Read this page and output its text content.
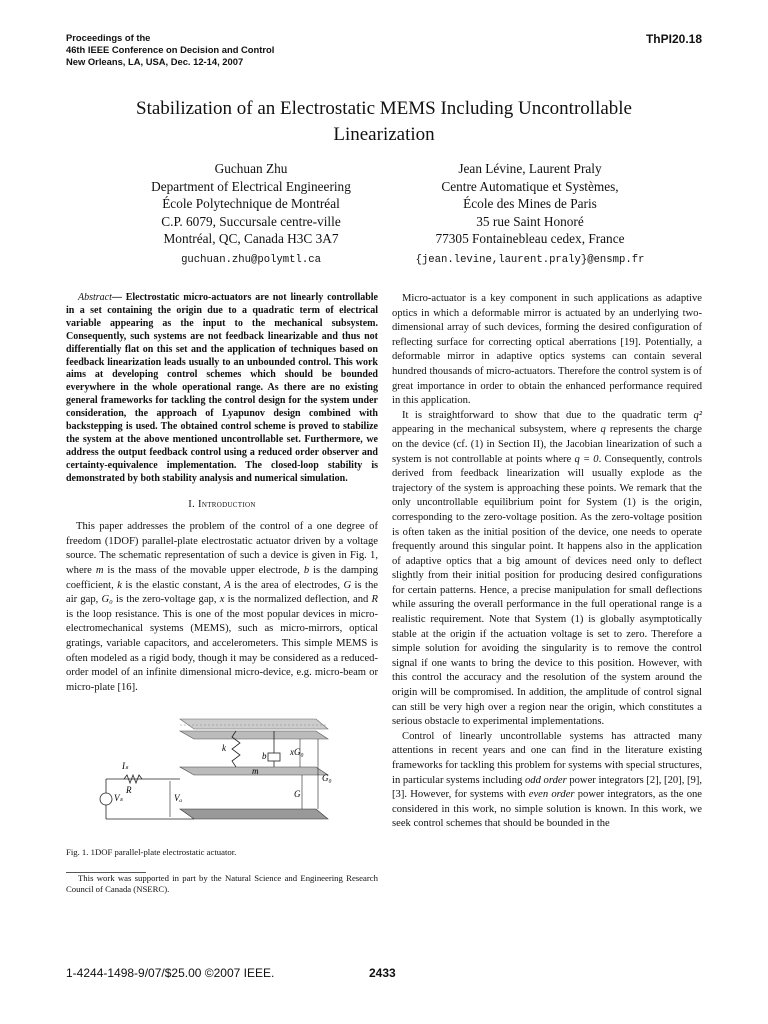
Proceedings of the
46th IEEE Conference on Decision and Control
New Orleans, LA, USA, Dec. 12-14, 2007
ThPI20.18
Stabilization of an Electrostatic MEMS Including Uncontrollable Linearization
Guchuan Zhu
Department of Electrical Engineering
École Polytechnique de Montréal
C.P. 6079, Succursale centre-ville
Montréal, QC, Canada H3C 3A7
guchuan.zhu@polymtl.ca
Jean Lévine, Laurent Praly
Centre Automatique et Systèmes,
École des Mines de Paris
35 rue Saint Honoré
77305 Fontainebleau cedex, France
{jean.levine,laurent.praly}@ensmp.fr

Abstract— Electrostatic micro-actuators are not linearly controllable in a set containing the origin due to a quadratic term of electrical variable appearing as the input to the mechanical subsystem. Consequently, such systems are not feedback linearizable and thus not differentially flat on this set and the application of techniques based on feedback linearization leads usually to an unbounded control. This work aims at developing control schemes which should be bounded everywhere in the whole operational range. As there are no existing general frameworks for tackling the control design for the system under consideration, the approach of Lyapunov design combined with backstepping is used. The obtained control scheme is proved to stabilize the system at the above mentioned uncontrollable set. Furthermore, we address the output feedback control using a reduced order observer and certainty-equivalence implementation. The closed-loop stability is demonstrated by both stability analysis and numerical simulation.

I. Introduction

This paper addresses the problem of the control of a one degree of freedom (1DOF) parallel-plate electrostatic actuator driven by a voltage source. The schematic representation of such a device is given in Fig. 1, where m is the mass of the movable upper electrode, b is the damping coefficient, k is the elastic constant, A is the area of electrodes, G is the air gap, G₀ is the zero-voltage gap, x is the normalized deflection, and R is the loop resistance. This is one of the most popular devices in micro-electromechanical systems (MEMS), such as micro-mirrors, optical gratings, variable capacitors, and accelerometers. This simple MEMS is often modeled as a rigid body, though it may be considered as a reduced-order model of an infinite dimensional micro-device, e.g. micro-beam or micro-plate [16].

k
b
m
xG₀
G
G₀
Iₛ
R
Vₛ	Vₐ

Fig. 1. 1DOF parallel-plate electrostatic actuator.

This work was supported in part by the Natural Science and Engineering Research Council of Canada (NSERC).

Micro-actuator is a key component in such applications as adaptive optics in which a deformable mirror is actuated by an underlying two-dimensional array of such devices, forming the desired configuration of reflecting surface for correcting optical aberrations [19]. Potentially, a deformable mirror in adaptive optics systems can contain several hundred thousands of micro-actuators. Therefore the control system is of great importance in order to obtain the enhanced performance required in this application.

It is straightforward to show that due to the quadratic term q² appearing in the mechanical subsystem, where q represents the charge on the device (cf. (1) in Section II), the Jacobian linearization of such a system is not controllable at points where q = 0. Consequently, controls derived from feedback linearization will usually explode as the trajectory of the system is approaching these points. We remark that the only uncontrollable equilibrium point for System (1) is the origin, corresponding to the zero-voltage position. As the zero-voltage position is often taken as the initial position of the device, one needs to operate frequently around this singular point. It happens also in the application of adaptive optics that a big amount of devices need only to deflect slightly from their initial position for producing desired configurations for certain patterns. Hence, a precise manipulation for small deflections while assuring the overall performance in the full operational range is a realistic requirement. Note that System (1) is globally asymptotically stable at the origin if the actuation voltage is set to zero. Therefore a simple solution for avoiding the singularity is to remove the control signal if one wants to bring the device to this position. However, with this control the accuracy and the resolution of the system around the origin will be compromised. In addition, the amplitude of control signal can still be very high over a region near the origin, which constitutes a serious obstacle to experimental implementations.

Control of linearly uncontrollable systems has attracted many attentions in recent years and one can find in the literature existing frameworks for tackling this problem for systems with special structures, in particular systems including odd order power integrators [2], [20], [9], [3]. However, for systems with even order power integrators, as the one considered in this work, no simple solution is known. In this work, we seek control schemes that should be bounded in the

1-4244-1498-9/07/$25.00 ©2007 IEEE.	2433
